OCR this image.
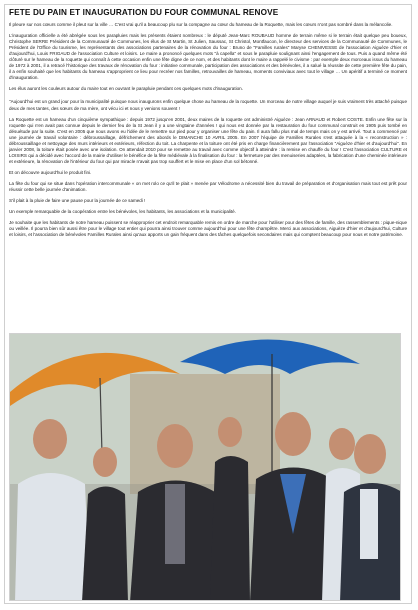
FETE DU PAIN ET INAUGURATION DU FOUR COMMUNAL RENOVE

Il pleure sur nos cœurs comme il pleut sur la ville … C'est vrai qu'il a beaucoup plu sur la compagne au cœur du hameau de la Roquette, mais les cœurs n'ont pas sombré dans la mélancolie.

L'inauguration officielle a été abrégée sous les parapluies mais les présents étaient nombreux : le député Jean-Marc ROUBAUD homme de terrain même si le terrain était quelque peu boueux, Christophe SERRE Président de la Communauté de Communes, les élus de St Martin, St Julien, Saussac, St Christol, Montfaucon, le directeur des services de la Communauté de Communes, le Président de l'Office du tourisme, les représentants des associations partenaires de la rénovation du four : Bruno de "Familles rurales" Maryse CHENIVESSE de l'association Aiguèze d'hier et d'aujourd'hui, Louis FRIGAUD de l'association Culture et loisirs. Le maire a prononcé quelques mots "à capella" et sous le parapluie soulignant ainsi l'engagement de tous. Puis a quand même été clôturé sur le hameau de la roquette qui connaît à cette occasion enfin une fête digne de ce nom, et des habitants dont le maire a rappelé le civisme : par exemple deux morceaux issus du hameau de 1972 à 2001, il a retracé l'historique des travaux de rénovation du four : initiative communale, participation des associations et des bénévoles, il a salué la réussite de cette première fête du pain, il a enfin souhaité que les habitants du hameau s'approprient ce lieu pour recréer nos familles, retrouvailles de hameau, moments conviviaux avec tout le village … Un apéritif a terminé ce moment d'inauguration.

Les élus auront les couleurs autour du maire tout en ouvrant le parapluie pendant ces quelques mots d'inauguration.

"Aujourd'hui est un grand jour pour la municipalité puisque nous inaugurons enfin quelque chose au hameau de la roquette. Un morceau de notre village auquel je suis vraiment très attaché puisque deux de mes tantes, des sœurs de ma mère, ont vécu ici et nous y venions souvent !

La Roquette est un hameau d'un cinquième sympathique : depuis 1972 jusqu'en 2001, deux maires de la roquette ont administré Aiguèze : Jean ARNAUD et Robert COSTE. Enfin une fête sur la roquette qui n'en avait pas connue depuis le dernier feu de la St Jean il y a une vingtaine d'années ! qui nous est donnée par la restauration du four communal construit en 1905 puis tombé en désuétude par la suite. C'est en 2005 que nous avons eu l'idée de le remettre sur pied pour y organiser une fête du pain. Il aura fallu plus mal de temps mais on y est arrivé. Tout a commencé par une journée de travail volontaire : débroussaillage, défrichement des abords le DIMANCHE 10 AVRIL 2005. En 2007 l'équipe de Familles Rurales s'est attaquée à la « reconstruction » : débroussaillage et nettoyage des murs intérieurs et extérieurs, réfection du toit. La charpente et la toiture ont été pris en charge financièrement par l'association "Aiguèze d'hier et d'aujourd'hui". En janvier 2008, la toiture était posée avec une isolation. On attendait 2010 pour se remettre au travail avec comme objectif à atteindre : la remise en chauffe du four ! C'est l'association CULTURE et LOISIRS qui a décidé avec l'accord de la mairie d'utiliser le bénéfice de la fête médiévale à la finalisation du four : la fermeture par des menuiseries adaptées, la fabrication d'une cheminée intérieure et extérieure, la rénovation de l'intérieur du four qui par miracle n'avait pas trop souffert et le mise en place d'un sol bétonné.

Et on découvre aujourd'hui le produit fini.

La fête du four qui se situe dans l'opération intercommunale « on met rolo ce qu'il te plait » menée par Vélodrome a nécessité bien du travail de préparation et d'organisation mais tout est prêt pour réussir cette belle journée d'animation.

S'il plait à la pluie de faire une pause pour la journée de ce samedi !

Un exemple remarquable de la coopération entre les bénévoles, les habitants, les associations et la municipalité.

Je souhaite que les habitants de notre hameau puissent se réapproprier cet endroit remarquable remis en ordre de marche pour l'utiliser pour des fêtes de famille, des rassemblements : pique-nique ou veillée. Il pourra bien sûr aussi être pour le village tout entier qui pourra ainsi trouver comme aujourd'hui pour une fête champêtre. Merci aux associations, Aiguèze d'hier et d'aujourd'hui, Culture et loisirs, et l'association de bénévoles Familles Rurales ainsi qu'aux apports un gain fréquent dans des tâches quelquefois secondaires mais qui comptent beaucoup pour nous et notre patrimoine.
